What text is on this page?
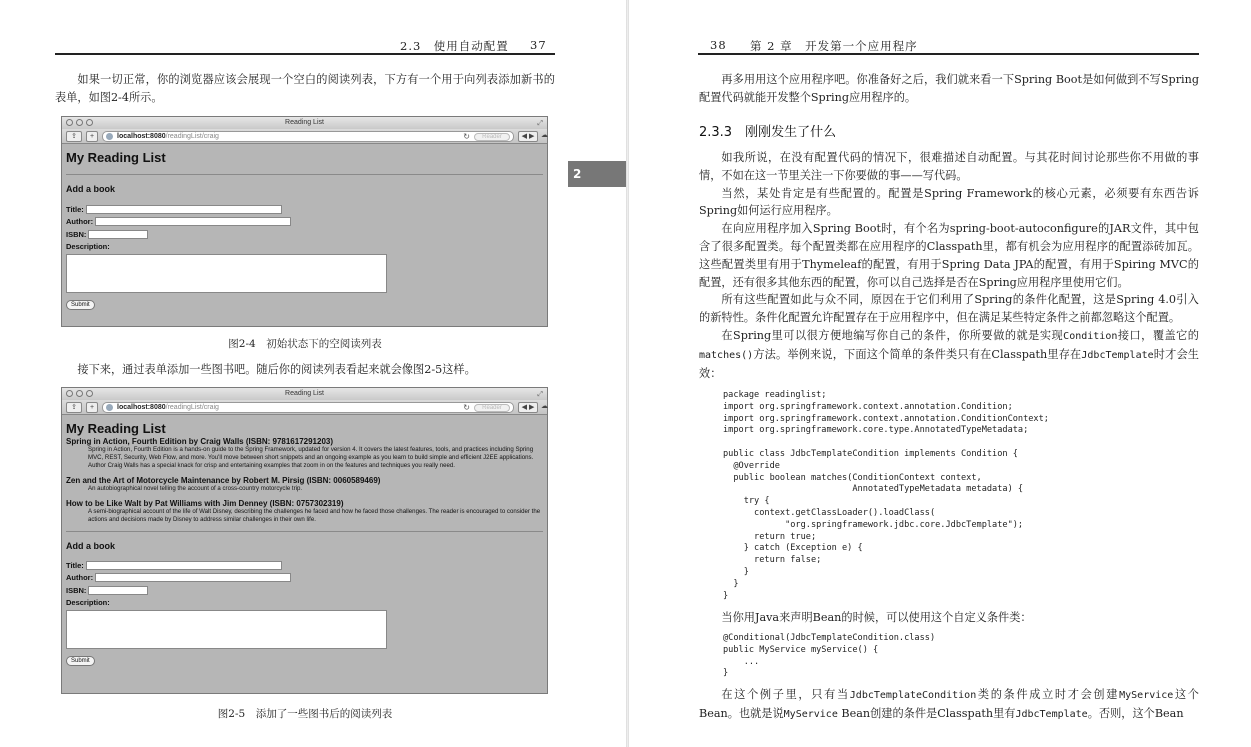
2.3　使用自动配置 37

如果一切正常，你的浏览器应该会展现一个空白的阅读列表，下方有一个用于向列表添加新书的表单，如图2-4所示。

Reading List	⤢
⇪	+	localhost:8080/readingList/craig	↻	Reader	◀ ▶ ☁
My Reading List
Add a book
Title:
Author:
ISBN:
Description:
Submit
图2-4　初始状态下的空阅读列表

接下来，通过表单添加一些图书吧。随后你的阅读列表看起来就会像图2-5这样。

Reading List	⤢
⇪	+	localhost:8080/readingList/craig	↻	Reader	◀ ▶ ☁
My Reading List
Spring in Action, Fourth Edition by Craig Walls (ISBN: 9781617291203)
Spring in Action, Fourth Edition is a hands-on guide to the Spring Framework, updated for version 4. It covers the latest features, tools, and practices including Spring MVC, REST, Security, Web Flow, and more. You'll move between short snippets and an ongoing example as you learn to build simple and efficient J2EE applications. Author Craig Walls has a special knack for crisp and entertaining examples that zoom in on the features and techniques you really need.
Zen and the Art of Motorcycle Maintenance by Robert M. Pirsig (ISBN: 0060589469)
An autobiographical novel telling the account of a cross-country motorcycle trip.
How to be Like Walt by Pat Williams with Jim Denney (ISBN: 0757302319)
A semi-biographical account of the life of Walt Disney, describing the challenges he faced and how he faced those challenges. The reader is encouraged to consider the actions and decisions made by Disney to address similar challenges in their own life.
Add a book
Title:
Author:
ISBN:
Description:
Submit
图2-5　添加了一些图书后的阅读列表
2
38 第 2 章　开发第一个应用程序

再多用用这个应用程序吧。你准备好之后，我们就来看一下Spring Boot是如何做到不写Spring配置代码就能开发整个Spring应用程序的。

2.3.3　刚刚发生了什么

如我所说，在没有配置代码的情况下，很难描述自动配置。与其花时间讨论那些你不用做的事情，不如在这一节里关注一下你要做的事——写代码。

当然，某处肯定是有些配置的。配置是Spring Framework的核心元素，必须要有东西告诉Spring如何运行应用程序。

在向应用程序加入Spring Boot时，有个名为spring-boot-autoconfigure的JAR文件，其中包含了很多配置类。每个配置类都在应用程序的Classpath里，都有机会为应用程序的配置添砖加瓦。这些配置类里有用于Thymeleaf的配置，有用于Spring Data JPA的配置，有用于Spiring MVC的配置，还有很多其他东西的配置，你可以自己选择是否在Spring应用程序里使用它们。

所有这些配置如此与众不同，原因在于它们利用了Spring的条件化配置，这是Spring 4.0引入的新特性。条件化配置允许配置存在于应用程序中，但在满足某些特定条件之前都忽略这个配置。

在Spring里可以很方便地编写你自己的条件，你所要做的就是实现Condition接口，覆盖它的matches()方法。举例来说，下面这个简单的条件类只有在Classpath里存在JdbcTemplate时才会生效：

package readinglist;
import org.springframework.context.annotation.Condition;
import org.springframework.context.annotation.ConditionContext;
import org.springframework.core.type.AnnotatedTypeMetadata;

public class JdbcTemplateCondition implements Condition {
@Override
public boolean matches(ConditionContext context,
AnnotatedTypeMetadata metadata) {
try {
context.getClassLoader().loadClass(
"org.springframework.jdbc.core.JdbcTemplate");
return true;
} catch (Exception e) {
return false;
}
}
}

当你用Java来声明Bean的时候，可以使用这个自定义条件类：

@Conditional(JdbcTemplateCondition.class)
public MyService myService() {
...
}

在这个例子里，只有当JdbcTemplateCondition类的条件成立时才会创建MyService这个Bean。也就是说MyService Bean创建的条件是Classpath里有JdbcTemplate。否则，这个Bean
